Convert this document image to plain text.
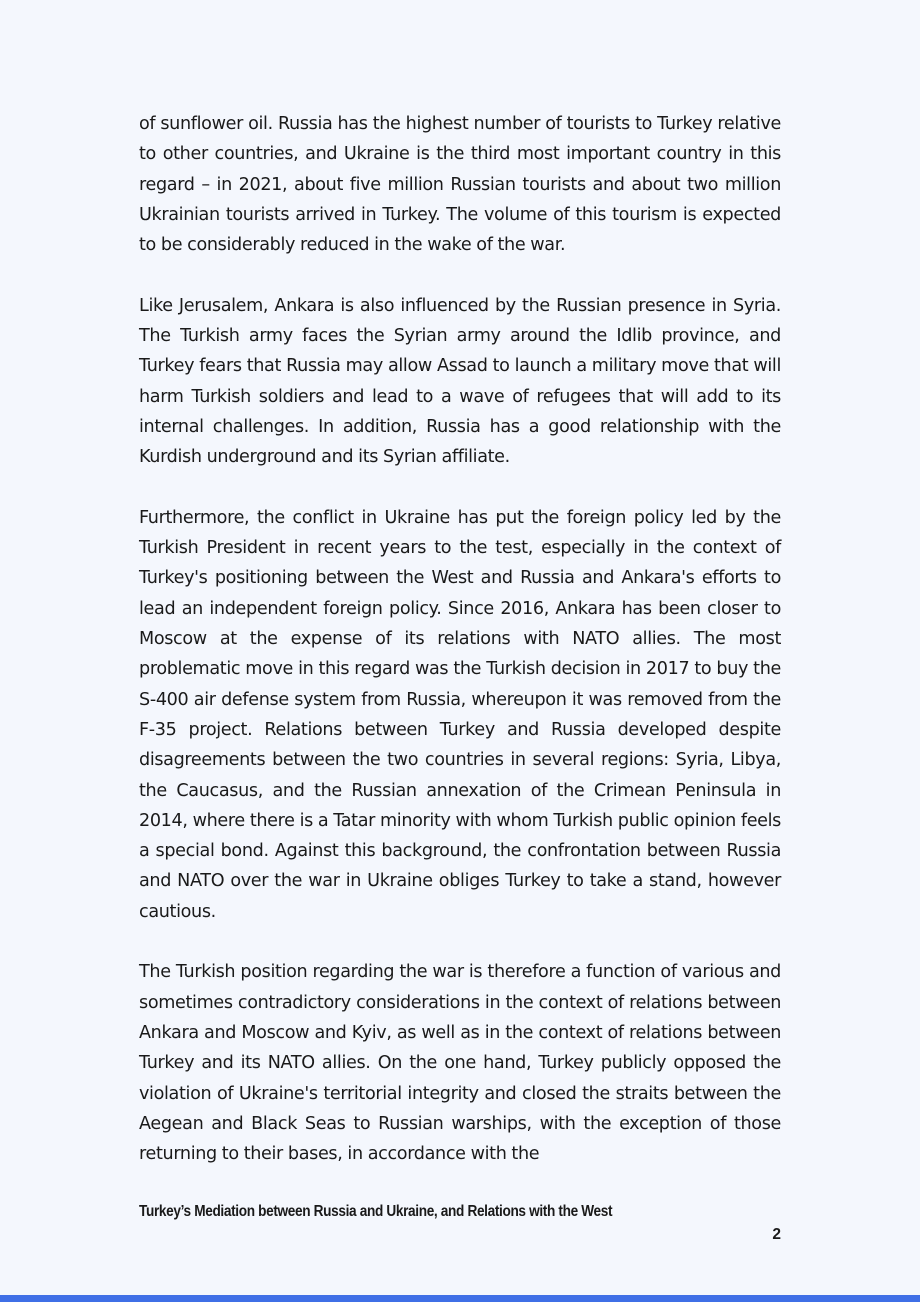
of sunflower oil. Russia has the highest number of tourists to Turkey relative to other countries, and Ukraine is the third most important country in this regard – in 2021, about five million Russian tourists and about two million Ukrainian tourists arrived in Turkey. The volume of this tourism is expected to be considerably reduced in the wake of the war.

Like Jerusalem, Ankara is also influenced by the Russian presence in Syria. The Turkish army faces the Syrian army around the Idlib province, and Turkey fears that Russia may allow Assad to launch a military move that will harm Turkish soldiers and lead to a wave of refugees that will add to its internal challenges. In addition, Russia has a good relationship with the Kurdish underground and its Syrian affiliate.

Furthermore, the conflict in Ukraine has put the foreign policy led by the Turkish President in recent years to the test, especially in the context of Turkey's positioning between the West and Russia and Ankara's efforts to lead an independent foreign policy. Since 2016, Ankara has been closer to Moscow at the expense of its relations with NATO allies. The most problematic move in this regard was the Turkish decision in 2017 to buy the S-400 air defense system from Russia, whereupon it was removed from the F-35 project. Relations between Turkey and Russia developed despite disagreements between the two countries in several regions: Syria, Libya, the Caucasus, and the Russian annexation of the Crimean Peninsula in 2014, where there is a Tatar minority with whom Turkish public opinion feels a special bond. Against this background, the confrontation between Russia and NATO over the war in Ukraine obliges Turkey to take a stand, however cautious.

The Turkish position regarding the war is therefore a function of various and sometimes contradictory considerations in the context of relations between Ankara and Moscow and Kyiv, as well as in the context of relations between Turkey and its NATO allies. On the one hand, Turkey publicly opposed the violation of Ukraine's territorial integrity and closed the straits between the Aegean and Black Seas to Russian warships, with the exception of those returning to their bases, in accordance with the

Turkey’s Mediation between Russia and Ukraine, and Relations with the West
2
